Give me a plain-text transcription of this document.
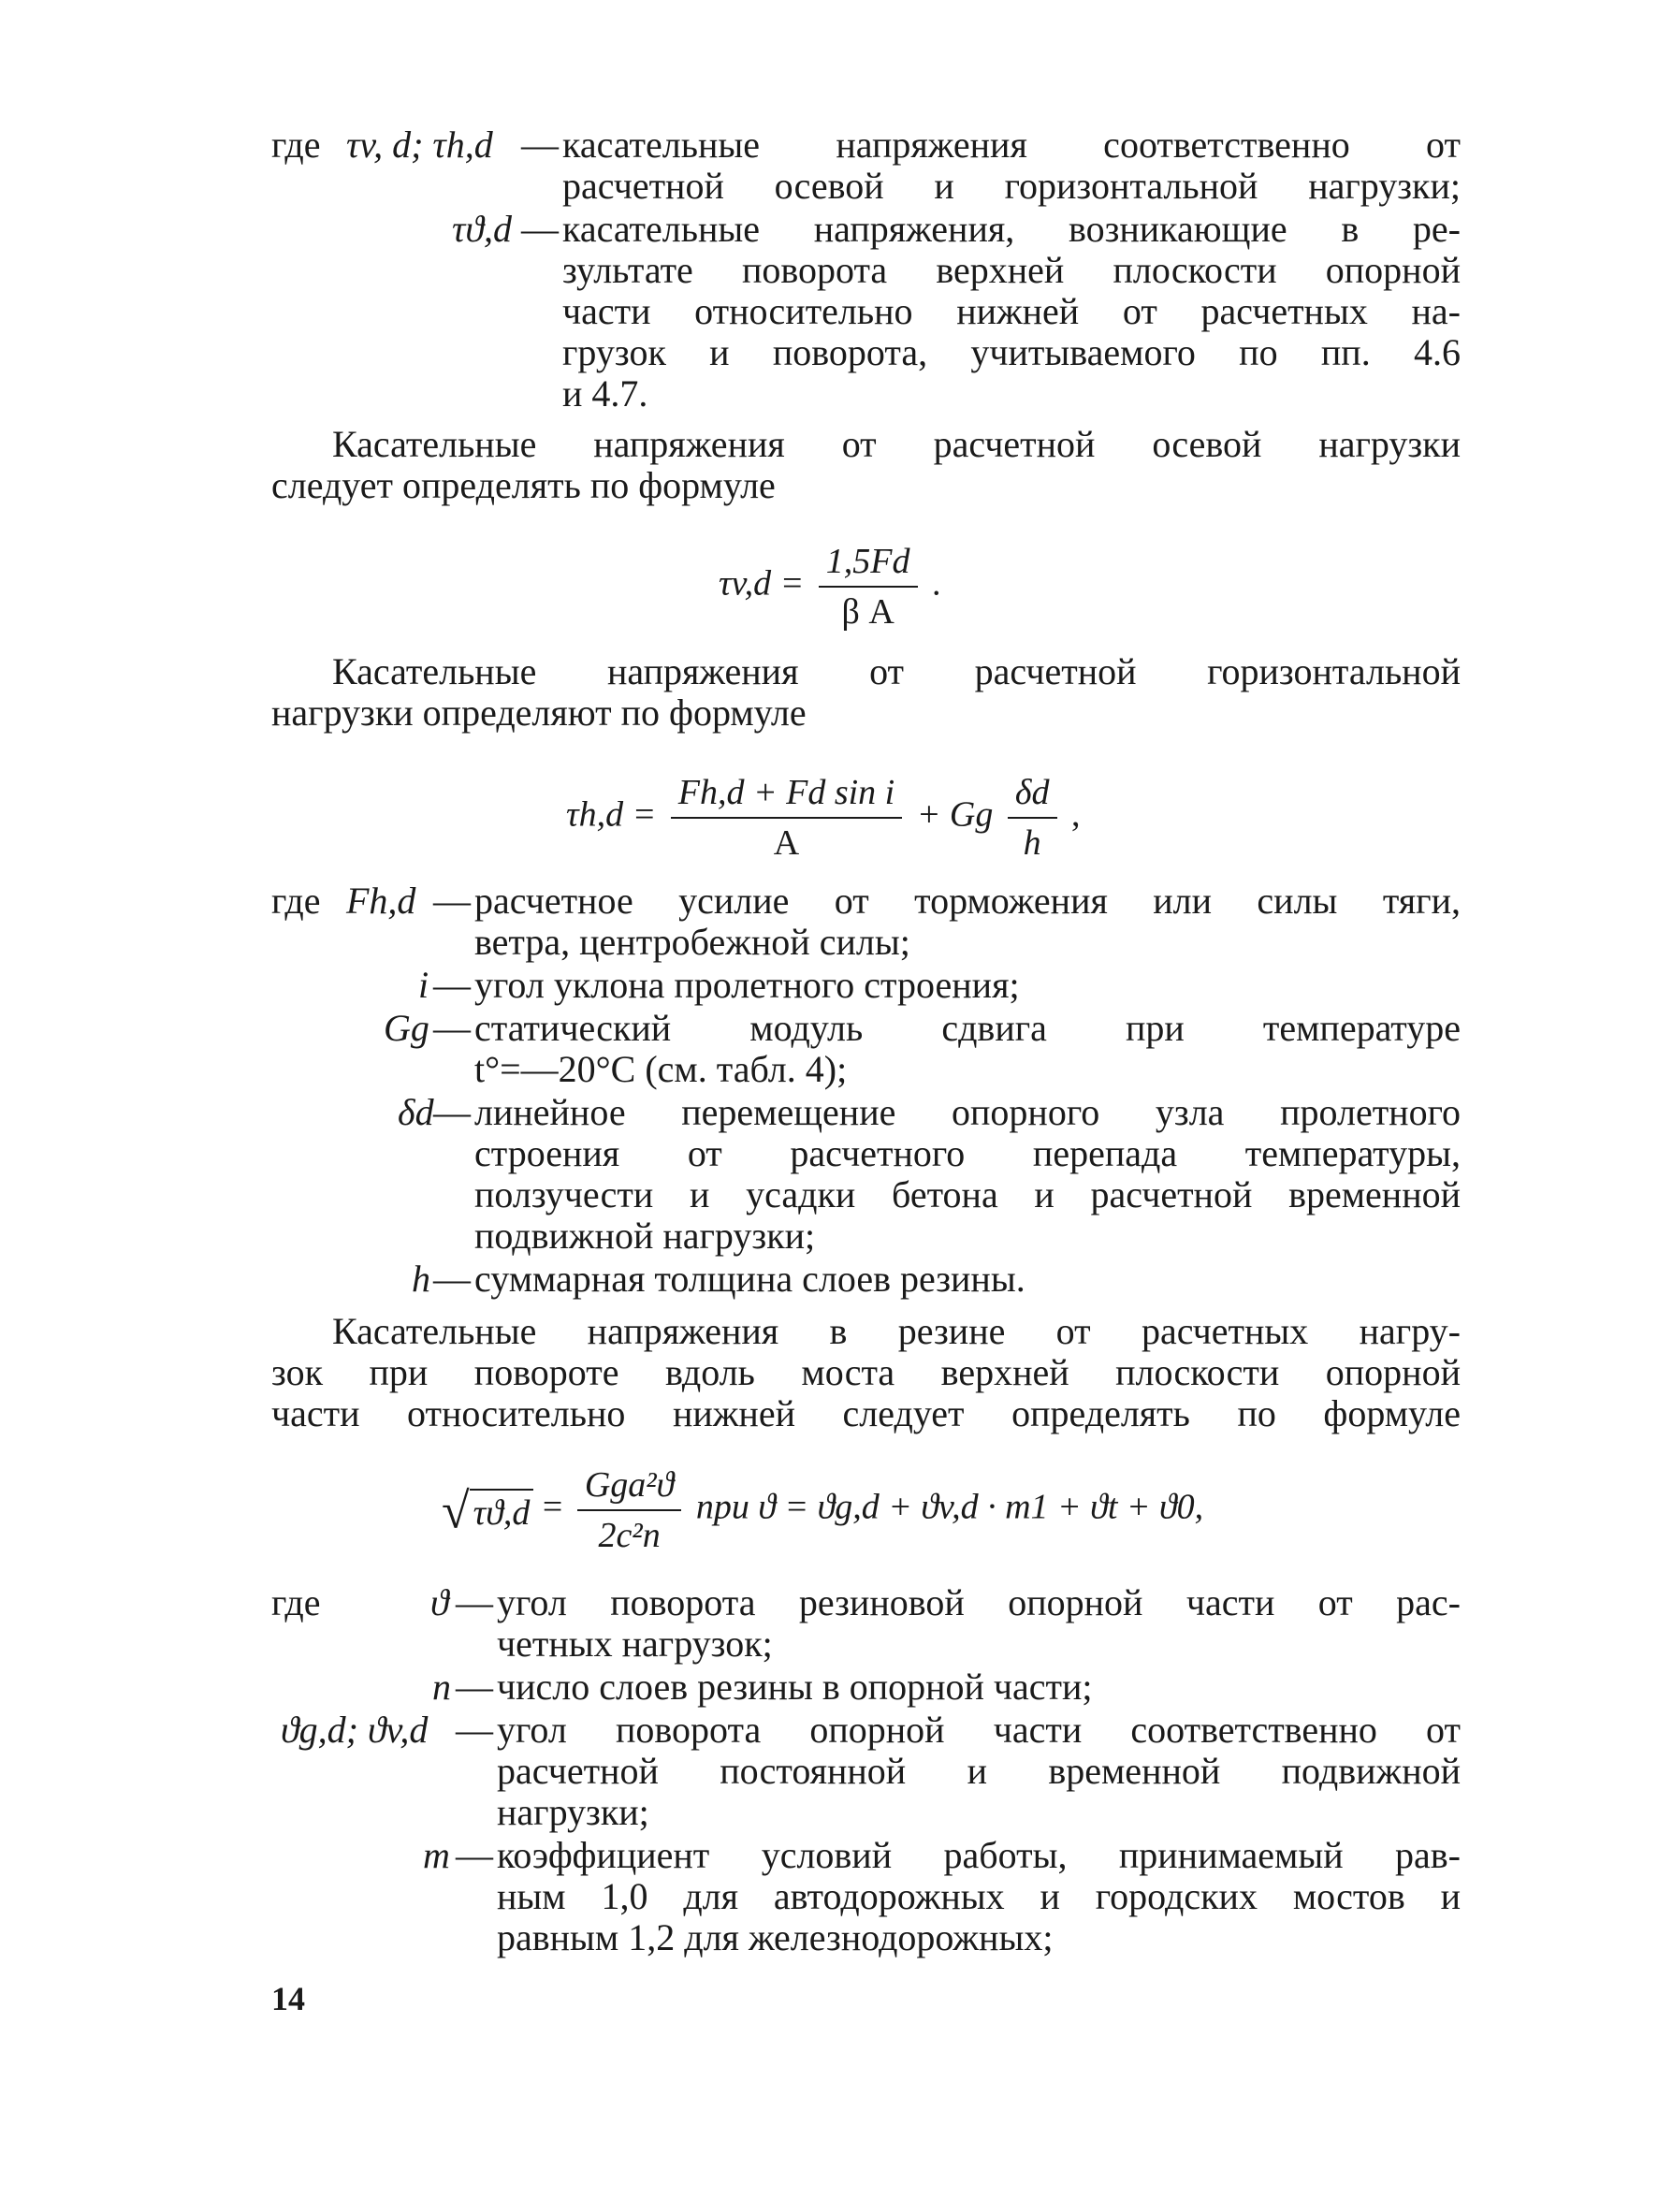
где τv, d; τh,d — касательные напряжения соответственно от
расчетной осевой и горизонтальной нагрузки;
τϑ,d — касательные напряжения, возникающие в ре-
зультате поворота верхней плоскости опорной
части относительно нижней от расчетных на-
грузок и поворота, учитываемого по пп. 4.6
и 4.7.
Касательные напряжения от расчетной осевой нагрузки
следует определять по формуле
$\tau v,d = \frac{1,5Fd}{\text{β A}}$ .
Касательные напряжения от расчетной горизонтальной
нагрузки определяют по формуле
$\tau h,d = \frac{\text{Fh,d + Fd sin i}}{A} + Gg \frac{\delta d}{h}$ ,
где Fh,d — расчетное усилие от торможения или силы тяги,
ветра, центробежной силы;
i — угол уклона пролетного строения;
Gg — статический модуль сдвига при температуре
t°=—20°С (см. табл. 4);
δd — линейное перемещение опорного узла пролетного
строения от расчетного перепада температуры,
ползучести и усадки бетона и расчетной временной
подвижной нагрузки;
h — суммарная толщина слоев резины.
Касательные напряжения в резине от расчетных нагру-
зок при повороте вдоль моста верхней плоскости опорной
части относительно нижней следует определять по формуле
√ $\tau ϑ,d = \frac{\text{Gga²ϑ}}{\text{2c²n}}$ при ϑ = ϑg,d + ϑv,d · m1 + ϑt + ϑ0,
где	ϑ — угол поворота резиновой опорной части от рас-
четных нагрузок;
n — число слоев резины в опорной части;
ϑg,d; ϑv,d — угол поворота опорной части соответственно от
расчетной постоянной и временной подвижной
нагрузки;
m — коэффициент условий работы, принимаемый рав-
ным 1,0 для автодорожных и городских мостов и
равным 1,2 для железнодорожных;
14
